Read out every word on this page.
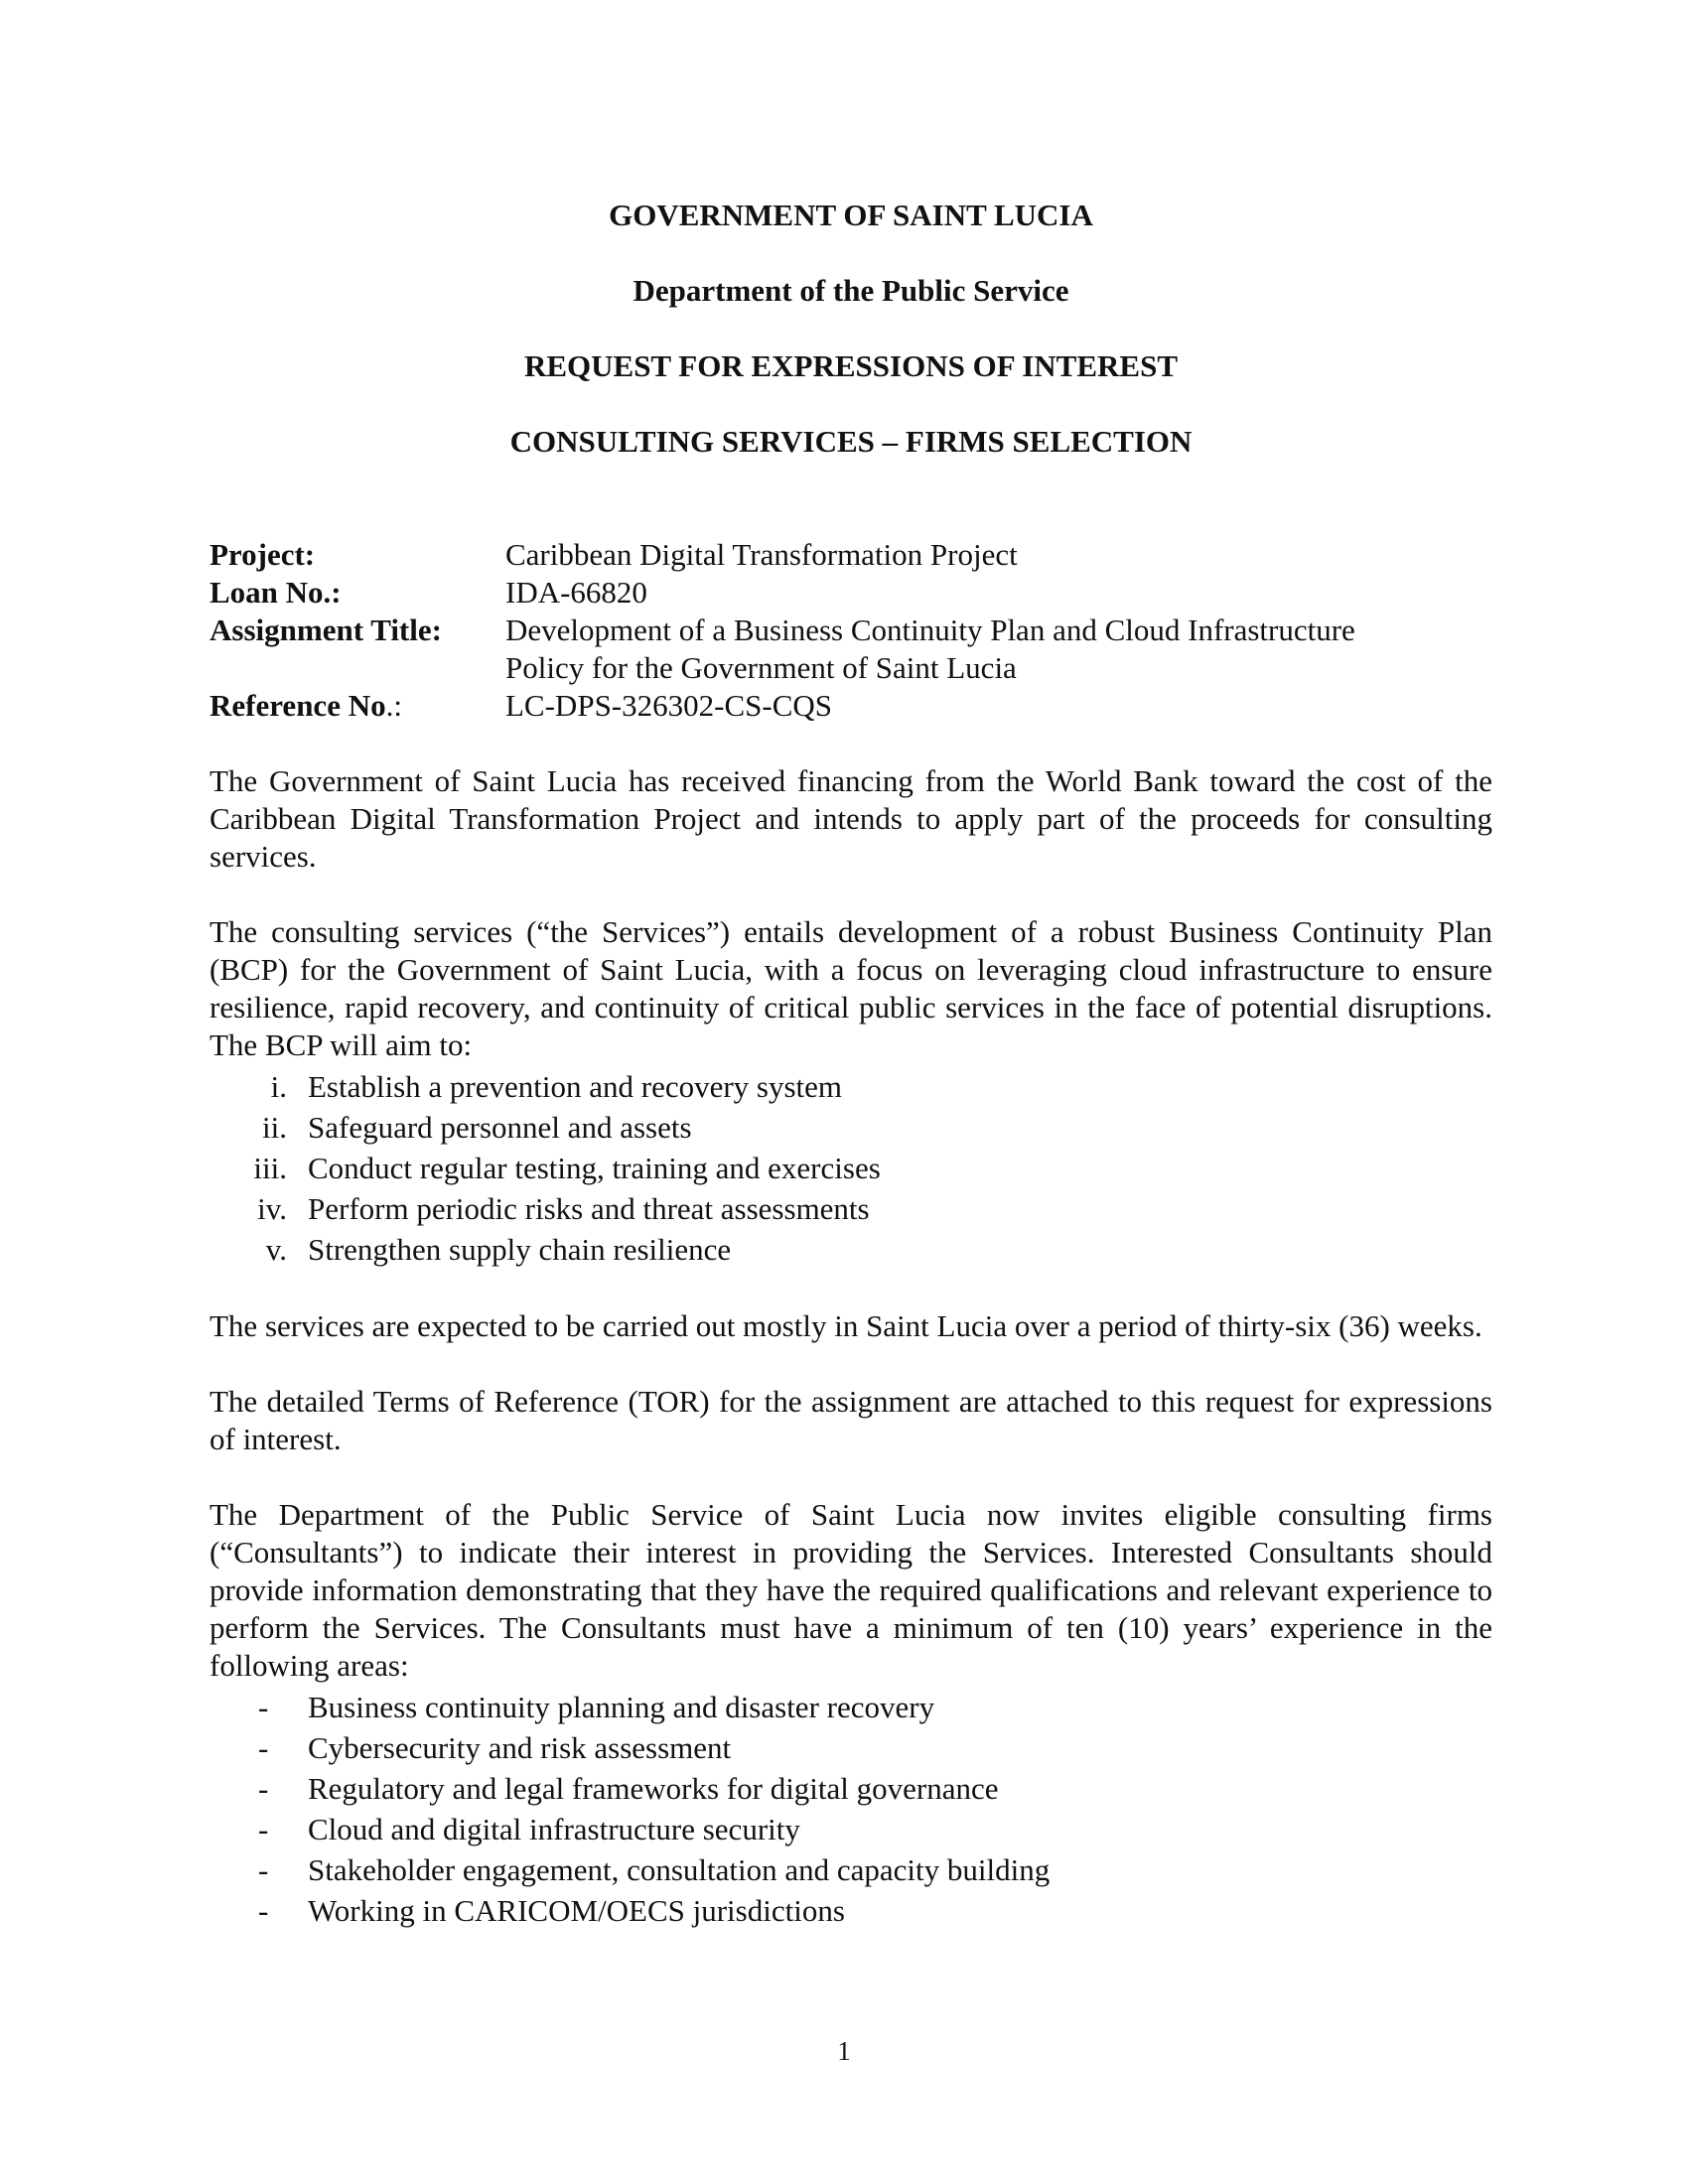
GOVERNMENT OF SAINT LUCIA

Department of the Public Service

REQUEST FOR EXPRESSIONS OF INTEREST

CONSULTING SERVICES – FIRMS SELECTION

Project:	Caribbean Digital Transformation Project
Loan No.:	IDA-66820
Assignment Title:	Development of a Business Continuity Plan and Cloud Infrastructure
Policy for the Government of Saint Lucia

Reference No.:	LC-DPS-326302-CS-CQS

The Government of Saint Lucia has received financing from the World Bank toward the cost of the Caribbean Digital Transformation Project and intends to apply part of the proceeds for consulting services.

The consulting services (“the Services”) entails development of a robust Business Continuity Plan (BCP) for the Government of Saint Lucia, with a focus on leveraging cloud infrastructure to ensure resilience, rapid recovery, and continuity of critical public services in the face of potential disruptions. The BCP will aim to:

i. Establish a prevention and recovery system
ii. Safeguard personnel and assets
iii. Conduct regular testing, training and exercises
iv. Perform periodic risks and threat assessments
v. Strengthen supply chain resilience

The services are expected to be carried out mostly in Saint Lucia over a period of thirty-six (36) weeks.

The detailed Terms of Reference (TOR) for the assignment are attached to this request for expressions of interest.

The Department of the Public Service of Saint Lucia now invites eligible consulting firms (“Consultants”) to indicate their interest in providing the Services. Interested Consultants should provide information demonstrating that they have the required qualifications and relevant experience to perform the Services. The Consultants must have a minimum of ten (10) years’ experience in the following areas:

- Business continuity planning and disaster recovery
- Cybersecurity and risk assessment
- Regulatory and legal frameworks for digital governance
- Cloud and digital infrastructure security
- Stakeholder engagement, consultation and capacity building
- Working in CARICOM/OECS jurisdictions
1
